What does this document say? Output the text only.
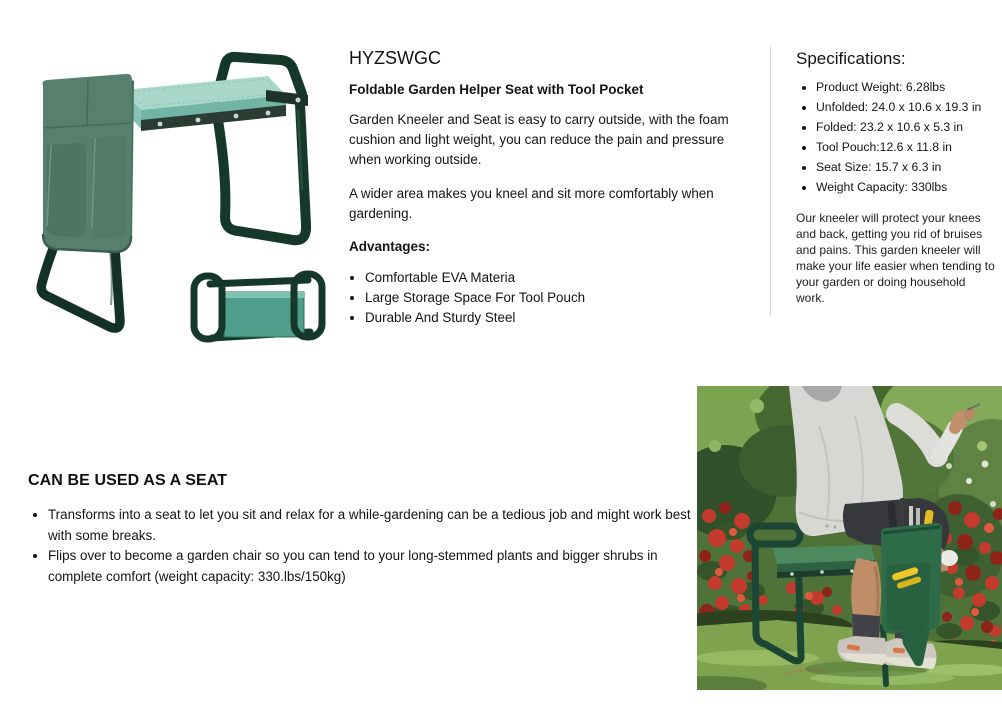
HYZSWGC
Foldable Garden Helper Seat with Tool Pocket

Garden Kneeler and Seat is easy to carry outside, with the foam cushion and light weight, you can reduce the pain and pressure when working outside.

A wider area makes you kneel and sit more comfortably when gardening.

Advantages:
• Comfortable EVA Materia
• Large Storage Space For Tool Pouch
• Durable And Sturdy Steel
Specifications:
• Product Weight: 6.28lbs
• Unfolded: 24.0 x 10.6 x 19.3 in
• Folded: 23.2 x 10.6 x 5.3 in
• Tool Pouch:12.6 x 11.8 in
• Seat Size: 15.7 x 6.3 in
• Weight Capacity: 330lbs

Our kneeler will protect your knees and back, getting you rid of bruises and pains. This garden kneeler will make your life easier when tending to your garden or doing household work.

CAN BE USED AS A SEAT
• Transforms into a seat to let you sit and relax for a while-gardening can be a tedious job and might work best with some breaks.
• Flips over to become a garden chair so you can tend to your long-stemmed plants and bigger shrubs in complete comfort (weight capacity: 330.lbs/150kg)
